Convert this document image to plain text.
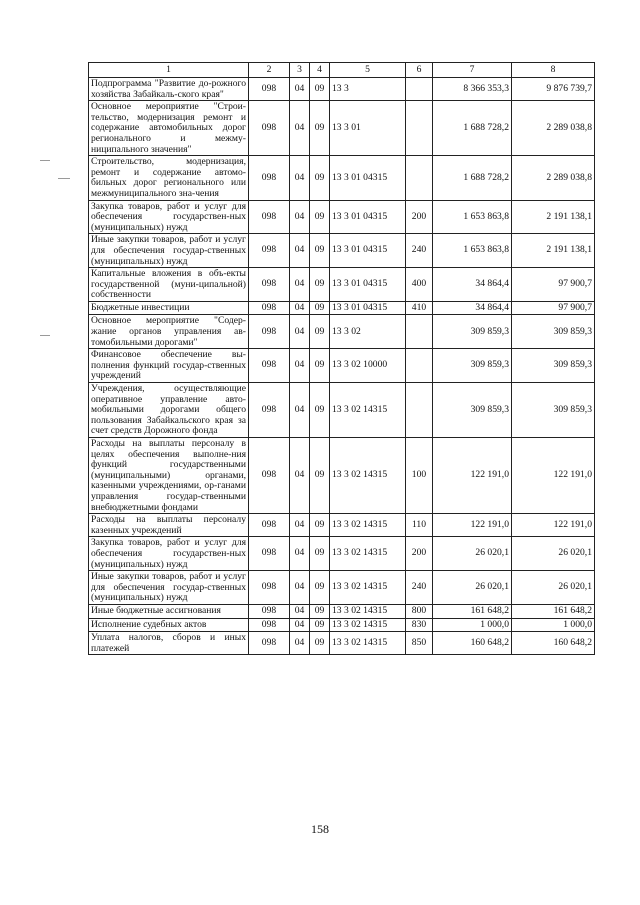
1	2	3	4	5	6	7	8
Подпрограмма "Развитие до-рожного хозяйства Забайкаль-ского края"	098	04	09	13 3		8 366 353,3	9 876 739,7
Основное мероприятие "Строи-тельство, модернизация ремонт и содержание автомобильных дорог регионального и межму-ниципального значения"	098	04	09	13 3 01		1 688 728,2	2 289 038,8
Строительство, модернизация, ремонт и содержание автомо-бильных дорог регионального или межмуниципального зна-чения	098	04	09	13 3 01 04315		1 688 728,2	2 289 038,8
Закупка товаров, работ и услуг для обеспечения государствен-ных (муниципальных) нужд	098	04	09	13 3 01 04315	200	1 653 863,8	2 191 138,1
Иные закупки товаров, работ и услуг для обеспечения государ-ственных (муниципальных) нужд	098	04	09	13 3 01 04315	240	1 653 863,8	2 191 138,1
Капитальные вложения в объ-екты государственной (муни-ципальной) собственности	098	04	09	13 3 01 04315	400	34 864,4	97 900,7
Бюджетные инвестиции	098	04	09	13 3 01 04315	410	34 864,4	97 900,7
Основное мероприятие "Содер-жание органов управления ав-томобильными дорогами"	098	04	09	13 3 02		309 859,3	309 859,3
Финансовое обеспечение вы-полнения функций государ-ственных учреждений	098	04	09	13 3 02 10000		309 859,3	309 859,3
Учреждения, осуществляющие оперативное управление авто-мобильными дорогами общего пользования Забайкальского края за счет средств Дорожного фонда	098	04	09	13 3 02 14315		309 859,3	309 859,3
Расходы на выплаты персоналу в целях обеспечения выполне-ния функций государственными (муниципальными) органами, казенными учреждениями, ор-ганами управления государ-ственными внебюджетными фондами	098	04	09	13 3 02 14315	100	122 191,0	122 191,0
Расходы на выплаты персоналу казенных учреждений	098	04	09	13 3 02 14315	110	122 191,0	122 191,0
Закупка товаров, работ и услуг для обеспечения государствен-ных (муниципальных) нужд	098	04	09	13 3 02 14315	200	26 020,1	26 020,1
Иные закупки товаров, работ и услуг для обеспечения государ-ственных (муниципальных) нужд	098	04	09	13 3 02 14315	240	26 020,1	26 020,1
Иные бюджетные ассигнования	098	04	09	13 3 02 14315	800	161 648,2	161 648,2
Исполнение судебных актов	098	04	09	13 3 02 14315	830	1 000,0	1 000,0
Уплата налогов, сборов и иных платежей	098	04	09	13 3 02 14315	850	160 648,2	160 648,2
158
